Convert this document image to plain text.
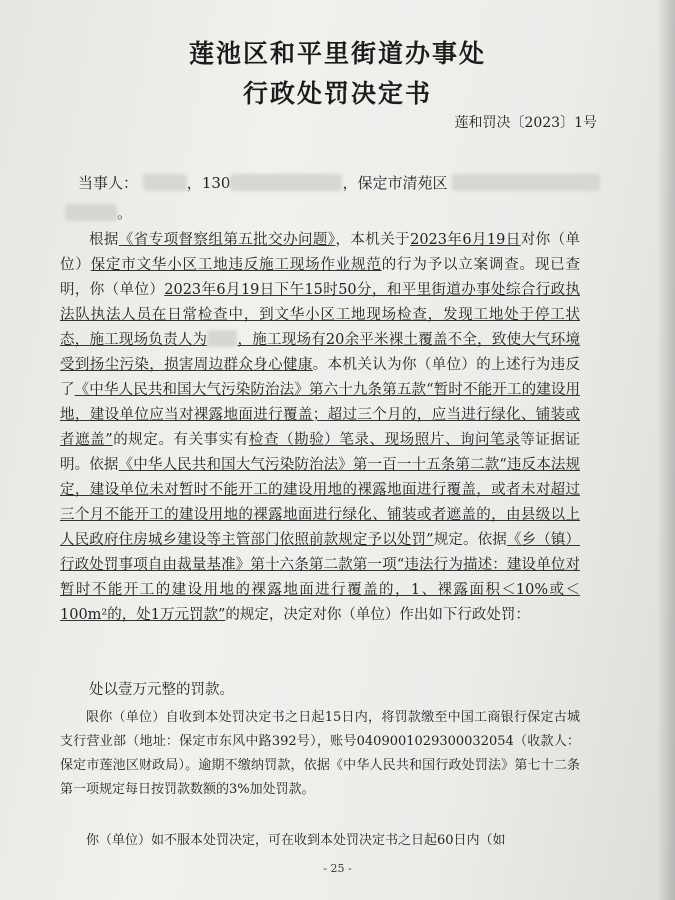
莲池区和平里街道办事处
行政处罚决定书
莲和罚决〔2023〕1号
当事人：	，130	，保定市清苑区
。
根据《省专项督察组第五批交办问题》，本机关于2023年6月19日对你（单位）保定市文华小区工地违反施工现场作业规范的行为予以立案调查。现已查明，你（单位）2023年6月19日下午15时50分，和平里街道办事处综合行政执法队执法人员在日常检查中，到文华小区工地现场检查，发现工地处于停工状态，施工现场负责人为 ，施工现场有20余平米裸土覆盖不全，致使大气环境受到扬尘污染，损害周边群众身心健康。本机关认为你（单位）的上述行为违反了《中华人民共和国大气污染防治法》第六十九条第五款“暂时不能开工的建设用地，建设单位应当对裸露地面进行覆盖；超过三个月的，应当进行绿化、铺装或者遮盖”的规定。有关事实有检查（勘验）笔录、现场照片、询问笔录等证据证明。依据《中华人民共和国大气污染防治法》第一百一十五条第二款“违反本法规定，建设单位未对暂时不能开工的建设用地的裸露地面进行覆盖，或者未对超过三个月不能开工的建设用地的裸露地面进行绿化、铺装或者遮盖的，由县级以上人民政府住房城乡建设等主管部门依照前款规定予以处罚”规定。依据《乡（镇）行政处罚事项自由裁量基准》第十六条第二款第一项“违法行为描述：建设单位对暂时不能开工的建设用地的裸露地面进行覆盖的，1、裸露面积＜10%或＜100m²的，处1万元罚款”的规定，决定对你（单位）作出如下行政处罚：
处以壹万元整的罚款。
限你（单位）自收到本处罚决定书之日起15日内，将罚款缴至中国工商银行保定古城支行营业部（地址：保定市东风中路392号），账号0409001029300032054（收款人：保定市莲池区财政局）。逾期不缴纳罚款，依据《中华人民共和国行政处罚法》第七十二条第一项规定每日按罚款数额的3%加处罚款。
你（单位）如不服本处罚决定，可在收到本处罚决定书之日起60日内（如
- 25 -
